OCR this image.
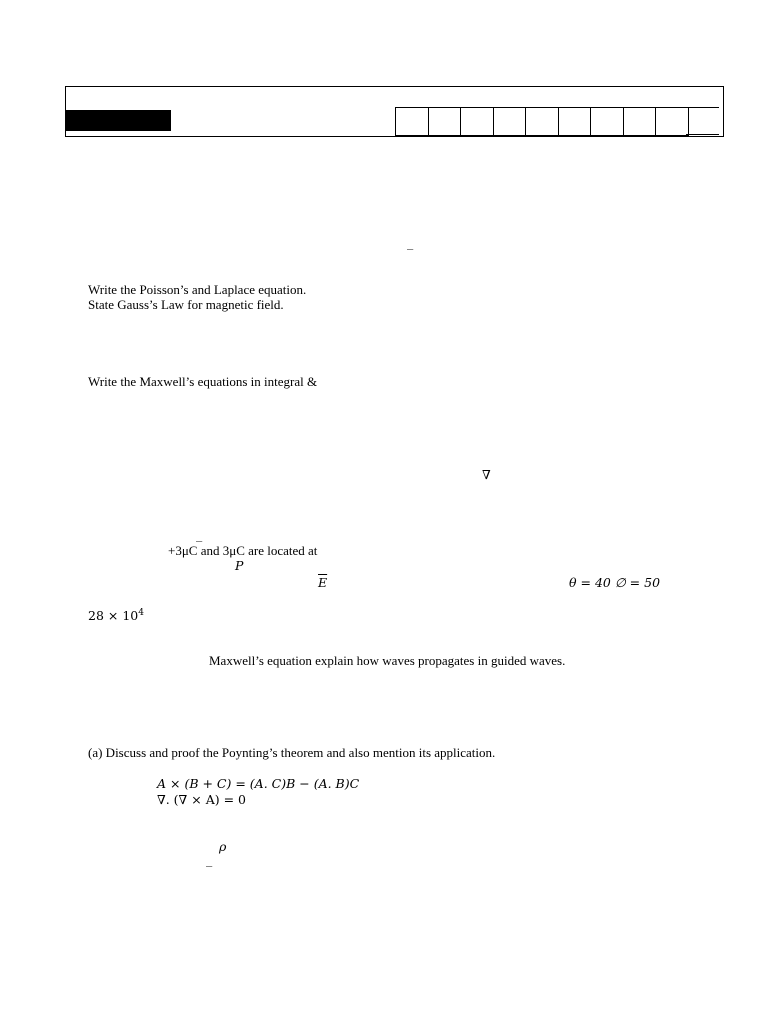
_
Write the Poisson’s and Laplace equation.
State Gauss’s Law for magnetic field.
Write the Maxwell’s equations in integral &
∇
_
+3μC and 3μC are located at
P
$\overline{E}$	θ = 40 ∅ = 50
$28 \times 10^4$
Maxwell’s equation explain how waves propagates in guided waves.
(a) Discuss and proof the Poynting’s theorem and also mention its application.
A × (B + C) = (A. C)B − (A. B)C
∇. (∇ × A) = 0
ρ
_
